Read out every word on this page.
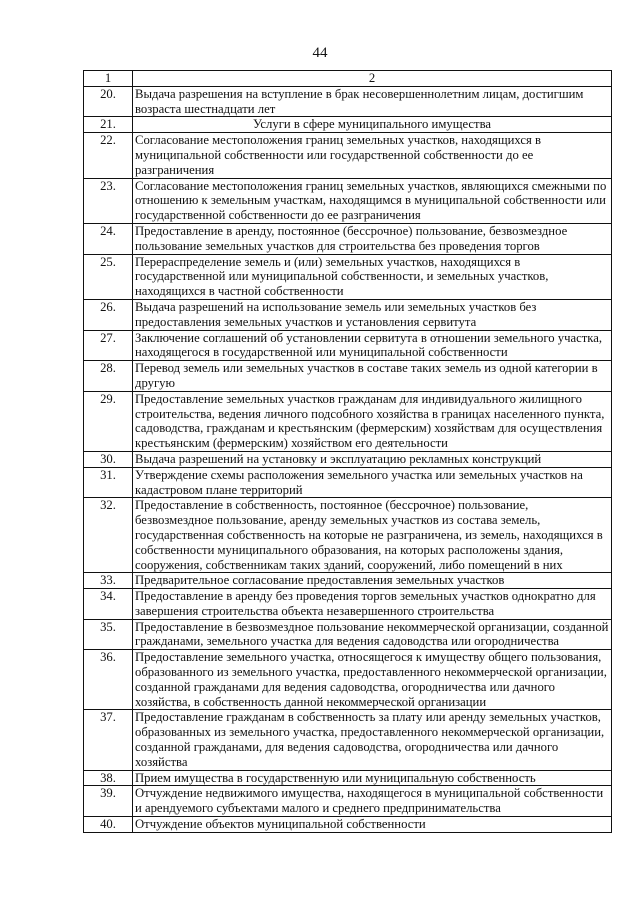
44
1	2
20.	Выдача разрешения на вступление в брак несовершеннолетним лицам, достигшим возраста шестнадцати лет
21.	Услуги в сфере муниципального имущества
22.	Согласование местоположения границ земельных участков, находящихся в муниципальной собственности или государственной собственности до ее разграничения
23.	Согласование местоположения границ земельных участков, являющихся смежными по отношению к земельным участкам, находящимся в муниципальной собственности или государственной собственности до ее разграничения
24.	Предоставление в аренду, постоянное (бессрочное) пользование, безвозмездное пользование земельных участков для строительства без проведения торгов
25.	Перераспределение земель и (или) земельных участков, находящихся в государственной или муниципальной собственности, и земельных участков, находящихся в частной собственности
26.	Выдача разрешений на использование земель или земельных участков без предоставления земельных участков и установления сервитута
27.	Заключение соглашений об установлении сервитута в отношении земельного участка, находящегося в государственной или муниципальной собственности
28.	Перевод земель или земельных участков в составе таких земель из одной категории в другую
29.	Предоставление земельных участков гражданам для индивидуального жилищного строительства, ведения личного подсобного хозяйства в границах населенного пункта, садоводства, гражданам и крестьянским (фермерским) хозяйствам для осуществления крестьянским (фермерским) хозяйством его деятельности
30.	Выдача разрешений на установку и эксплуатацию рекламных конструкций
31.	Утверждение схемы расположения земельного участка или земельных участков на кадастровом плане территорий
32.	Предоставление в собственность, постоянное (бессрочное) пользование, безвозмездное пользование, аренду земельных участков из состава земель, государственная собственность на которые не разграничена, из земель, находящихся в собственности муниципального образования, на которых расположены здания, сооружения, собственникам таких зданий, сооружений, либо помещений в них
33.	Предварительное согласование предоставления земельных участков
34.	Предоставление в аренду без проведения торгов земельных участков однократно для завершения строительства объекта незавершенного строительства
35.	Предоставление в безвозмездное пользование некоммерческой организации, созданной гражданами, земельного участка для ведения садоводства или огородничества
36.	Предоставление земельного участка, относящегося к имуществу общего пользования, образованного из земельного участка, предоставленного некоммерческой организации, созданной гражданами для ведения садоводства, огородничества или дачного хозяйства, в собственность данной некоммерческой организации
37.	Предоставление гражданам в собственность за плату или аренду земельных участков, образованных из земельного участка, предоставленного некоммерческой организации, созданной гражданами, для ведения садоводства, огородничества или дачного хозяйства
38.	Прием имущества в государственную или муниципальную собственность
39.	Отчуждение недвижимого имущества, находящегося в муниципальной собственности и арендуемого субъектами малого и среднего предпринимательства
40.	Отчуждение объектов муниципальной собственности
